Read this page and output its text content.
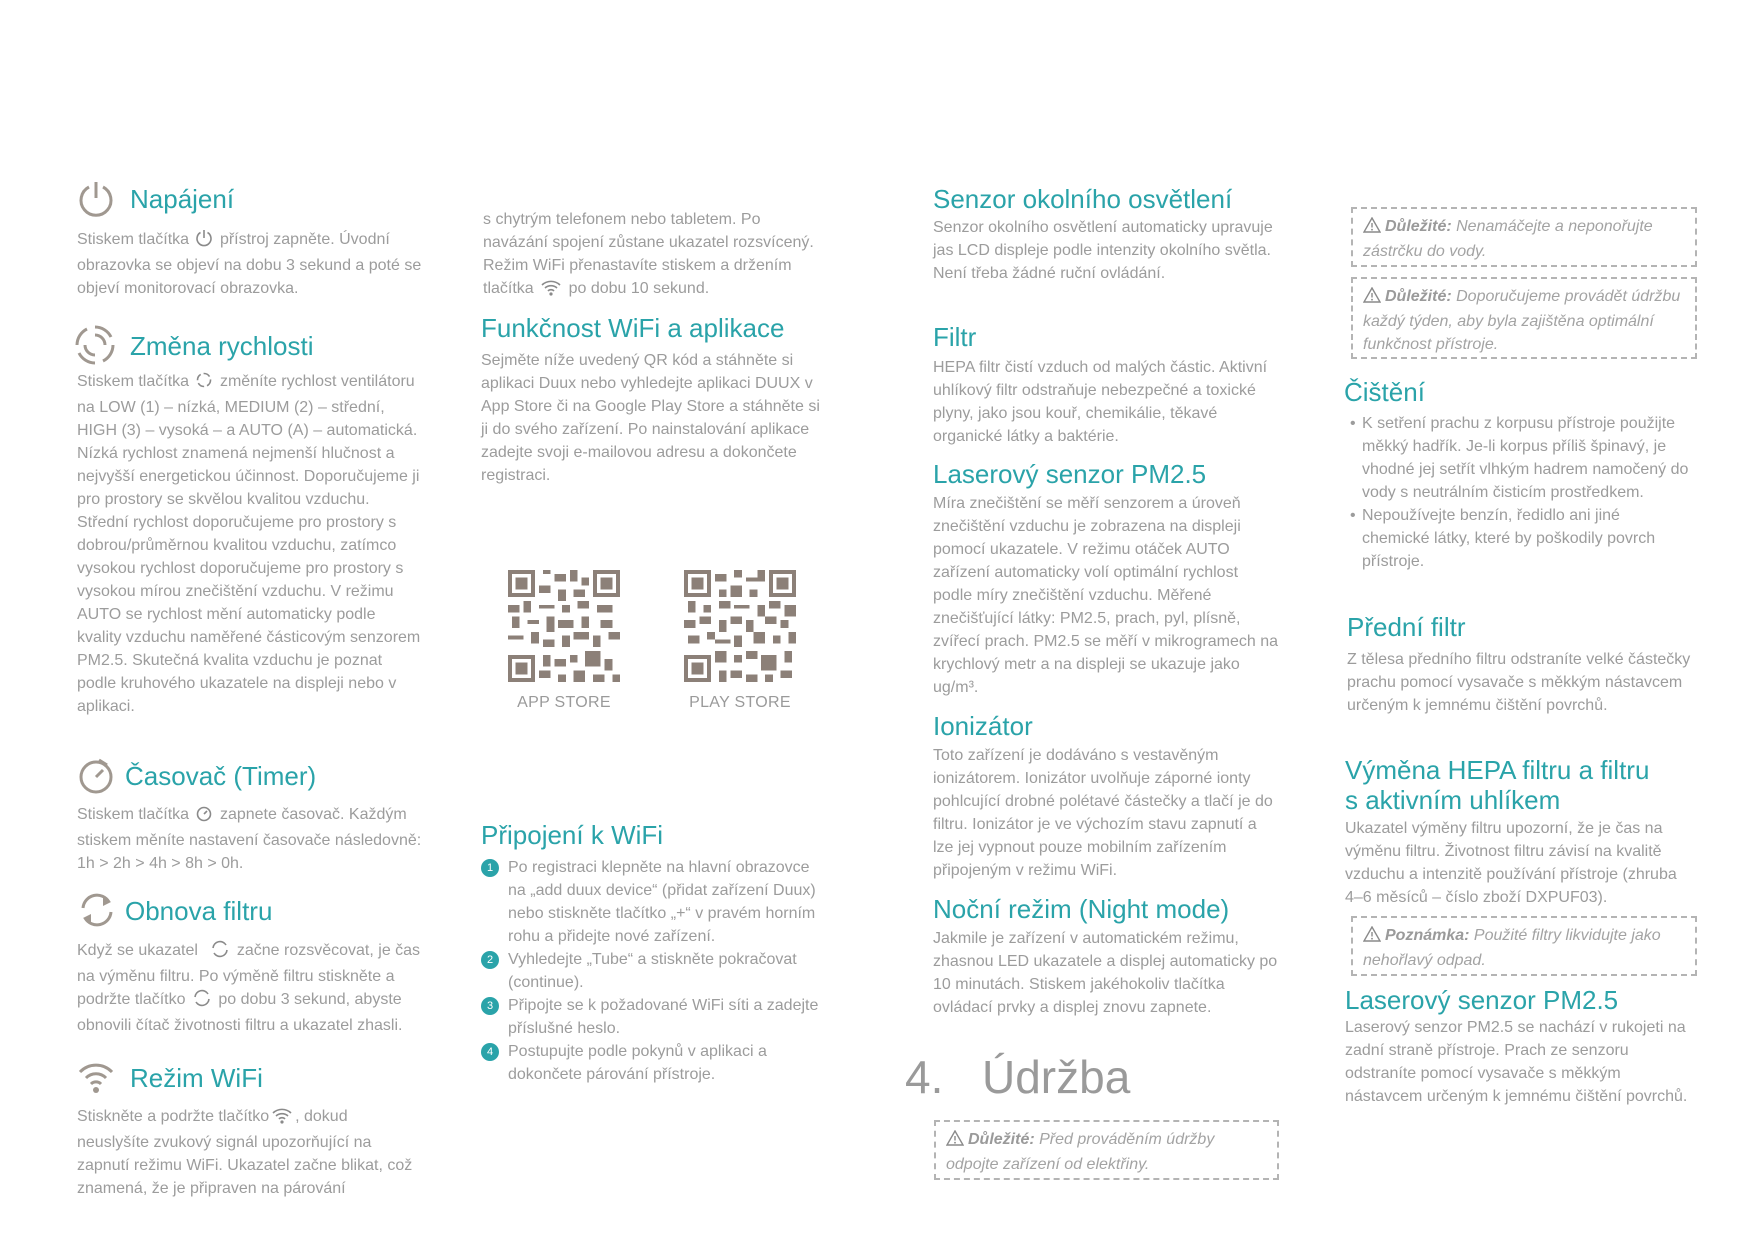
Napájení

Stiskem tlačítka přístroj zapněte. Úvodní obrazovka se objeví na dobu 3 sekund a poté se objeví monitorovací obrazovka.

Změna rychlosti

Stiskem tlačítka změníte rychlost ventilátoru na LOW (1) – nízká, MEDIUM (2) – střední, HIGH (3) – vysoká – a AUTO (A) – automatická. Nízká rychlost znamená nejmenší hlučnost a nejvyšší energetickou účinnost. Doporučujeme ji pro prostory se skvělou kvalitou vzduchu. Střední rychlost doporučujeme pro prostory s dobrou/průměrnou kvalitou vzduchu, zatímco vysokou rychlost doporučujeme pro prostory s vysokou mírou znečištění vzduchu. V režimu AUTO se rychlost mění automaticky podle kvality vzduchu naměřené částicovým senzorem PM2.5. Skutečná kvalita vzduchu je poznat podle kruhového ukazatele na displeji nebo v aplikaci.

Časovač (Timer)

Stiskem tlačítka zapnete časovač. Každým stiskem měníte nastavení časovače následovně: 1h > 2h > 4h > 8h > 0h.

Obnova filtru

Když se ukazatel začne rozsvěcovat, je čas na výměnu filtru. Po výměně filtru stiskněte a podržte tlačítko po dobu 3 sekund, abyste obnovili čítač životnosti filtru a ukazatel zhasli.

Režim WiFi

Stiskněte a podržte tlačítko , dokud neuslyšíte zvukový signál upozorňující na zapnutí režimu WiFi. Ukazatel začne blikat, což znamená, že je připraven na párování

s chytrým telefonem nebo tabletem. Po navázání spojení zůstane ukazatel rozsvícený. Režim WiFi přenastavíte stiskem a držením tlačítka po dobu 10 sekund.

Funkčnost WiFi a aplikace

Sejměte níže uvedený QR kód a stáhněte si aplikaci Duux nebo vyhledejte aplikaci DUUX v App Store či na Google Play Store a stáhněte si ji do svého zařízení. Po nainstalování aplikace zadejte svoji e-mailovou adresu a dokončete registraci.

APP STORE	PLAY STORE
Připojení k WiFi
1 Po registraci klepněte na hlavní obrazovce na „add duux device“ (přidat zařízení Duux) nebo stiskněte tlačítko „+“ v pravém horním rohu a přidejte nové zařízení.
2 Vyhledejte „Tube“ a stiskněte pokračovat (continue).
3 Připojte se k požadované WiFi síti a zadejte příslušné heslo.
4 Postupujte podle pokynů v aplikaci a dokončete párování přístroje.
Senzor okolního osvětlení

Senzor okolního osvětlení automaticky upravuje jas LCD displeje podle intenzity okolního světla. Není třeba žádné ruční ovládání.

Filtr

HEPA filtr čistí vzduch od malých částic. Aktivní uhlíkový filtr odstraňuje nebezpečné a toxické plyny, jako jsou kouř, chemikálie, těkavé organické látky a baktérie.

Laserový senzor PM2.5

Míra znečištění se měří senzorem a úroveň znečištění vzduchu je zobrazena na displeji pomocí ukazatele. V režimu otáček AUTO zařízení automaticky volí optimální rychlost podle míry znečištění vzduchu. Měřené znečišťující látky: PM2.5, prach, pyl, plísně, zvířecí prach. PM2.5 se měří v mikrogramech na krychlový metr a na displeji se ukazuje jako ug/m³.

Ionizátor

Toto zařízení je dodáváno s vestavěným ionizátorem. Ionizátor uvolňuje záporné ionty pohlcující drobné polétavé částečky a tlačí je do filtru. Ionizátor je ve výchozím stavu zapnutí a lze jej vypnout pouze mobilním zařízením připojeným v režimu WiFi.

Noční režim (Night mode)

Jakmile je zařízení v automatickém režimu, zhasnou LED ukazatele a displej automaticky po 10 minutách. Stiskem jakéhokoliv tlačítka ovládací prvky a displej znovu zapnete.

4. Údržba
Důležité: Před prováděním údržby odpojte zařízení od elektřiny.
Důležité: Nenamáčejte a neponořujte zástrčku do vody.
Důležité: Doporučujeme provádět údržbu každý týden, aby byla zajištěna optimální funkčnost přístroje.
Čištění
• K setření prachu z korpusu přístroje použijte měkký hadřík. Je-li korpus příliš špinavý, je vhodné jej setřít vlhkým hadrem namočený do vody s neutrálním čisticím prostředkem.
• Nepoužívejte benzín, ředidlo ani jiné chemické látky, které by poškodily povrch přístroje.
Přední filtr

Z tělesa předního filtru odstraníte velké částečky prachu pomocí vysavače s měkkým nástavcem určeným k jemnému čištění povrchů.

Výměna HEPA filtru a filtru
s aktivním uhlíkem

Ukazatel výměny filtru upozorní, že je čas na výměnu filtru. Životnost filtru závisí na kvalitě vzduchu a intenzitě používání přístroje (zhruba 4–6 měsíců – číslo zboží DXPUF03).

Poznámka: Použité filtry likvidujte jako nehořlavý odpad.
Laserový senzor PM2.5

Laserový senzor PM2.5 se nachází v rukojeti na zadní straně přístroje. Prach ze senzoru odstraníte pomocí vysavače s měkkým nástavcem určeným k jemnému čištění povrchů.
